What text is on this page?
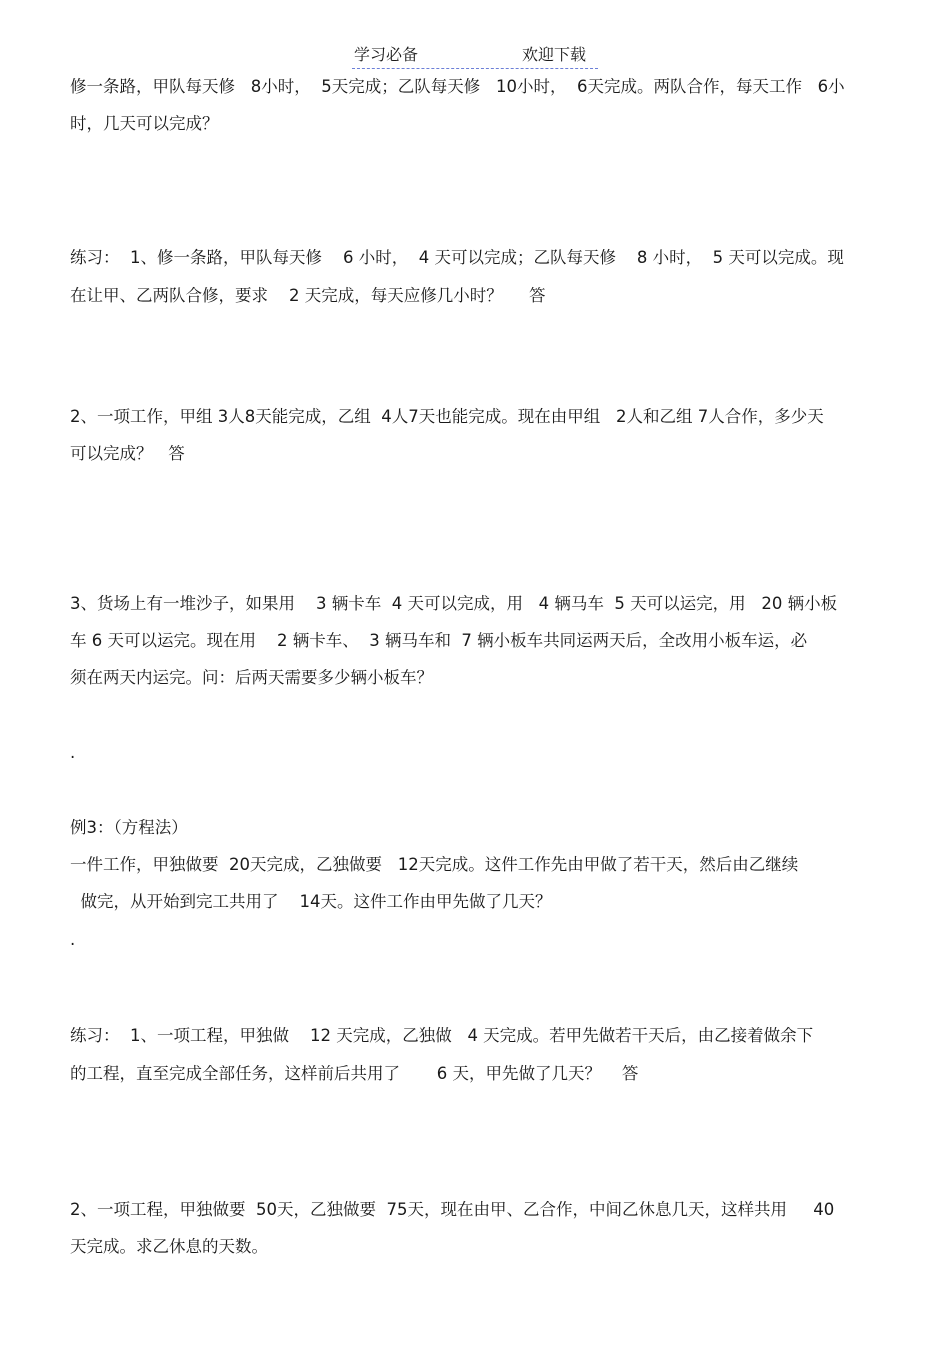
学习必备	欢迎下载
修一条路，甲队每天修   8小时，  5天完成；乙队每天修   10小时，  6天完成。两队合作，每天工作   6小
时，几天可以完成？
练习：  1、修一条路，甲队每天修    6 小时，  4 天可以完成；乙队每天修    8 小时，  5 天可以完成。现
在让甲、乙两队合修，要求    2 天完成，每天应修几小时？     答
2、一项工作，甲组 3人8天能完成，乙组  4人7天也能完成。现在由甲组   2人和乙组 7人合作，多少天
可以完成？   答
3、货场上有一堆沙子，如果用    3 辆卡车  4 天可以完成，用   4 辆马车  5 天可以运完，用   20 辆小板
车 6 天可以运完。现在用    2 辆卡车、  3 辆马车和  7 辆小板车共同运两天后，全改用小板车运，必
须在两天内运完。问：后两天需要多少辆小板车？
.
例3：（方程法）
一件工作，甲独做要  20天完成，乙独做要   12天完成。这件工作先由甲做了若干天，然后由乙继续
做完，从开始到完工共用了    14天。这件工作由甲先做了几天？
.
练习：  1、一项工程，甲独做    12 天完成，乙独做   4 天完成。若甲先做若干天后，由乙接着做余下
的工程，直至完成全部任务，这样前后共用了       6 天，甲先做了几天？    答
2、一项工程，甲独做要  50天，乙独做要  75天，现在由甲、乙合作，中间乙休息几天，这样共用     40
天完成。求乙休息的天数。
